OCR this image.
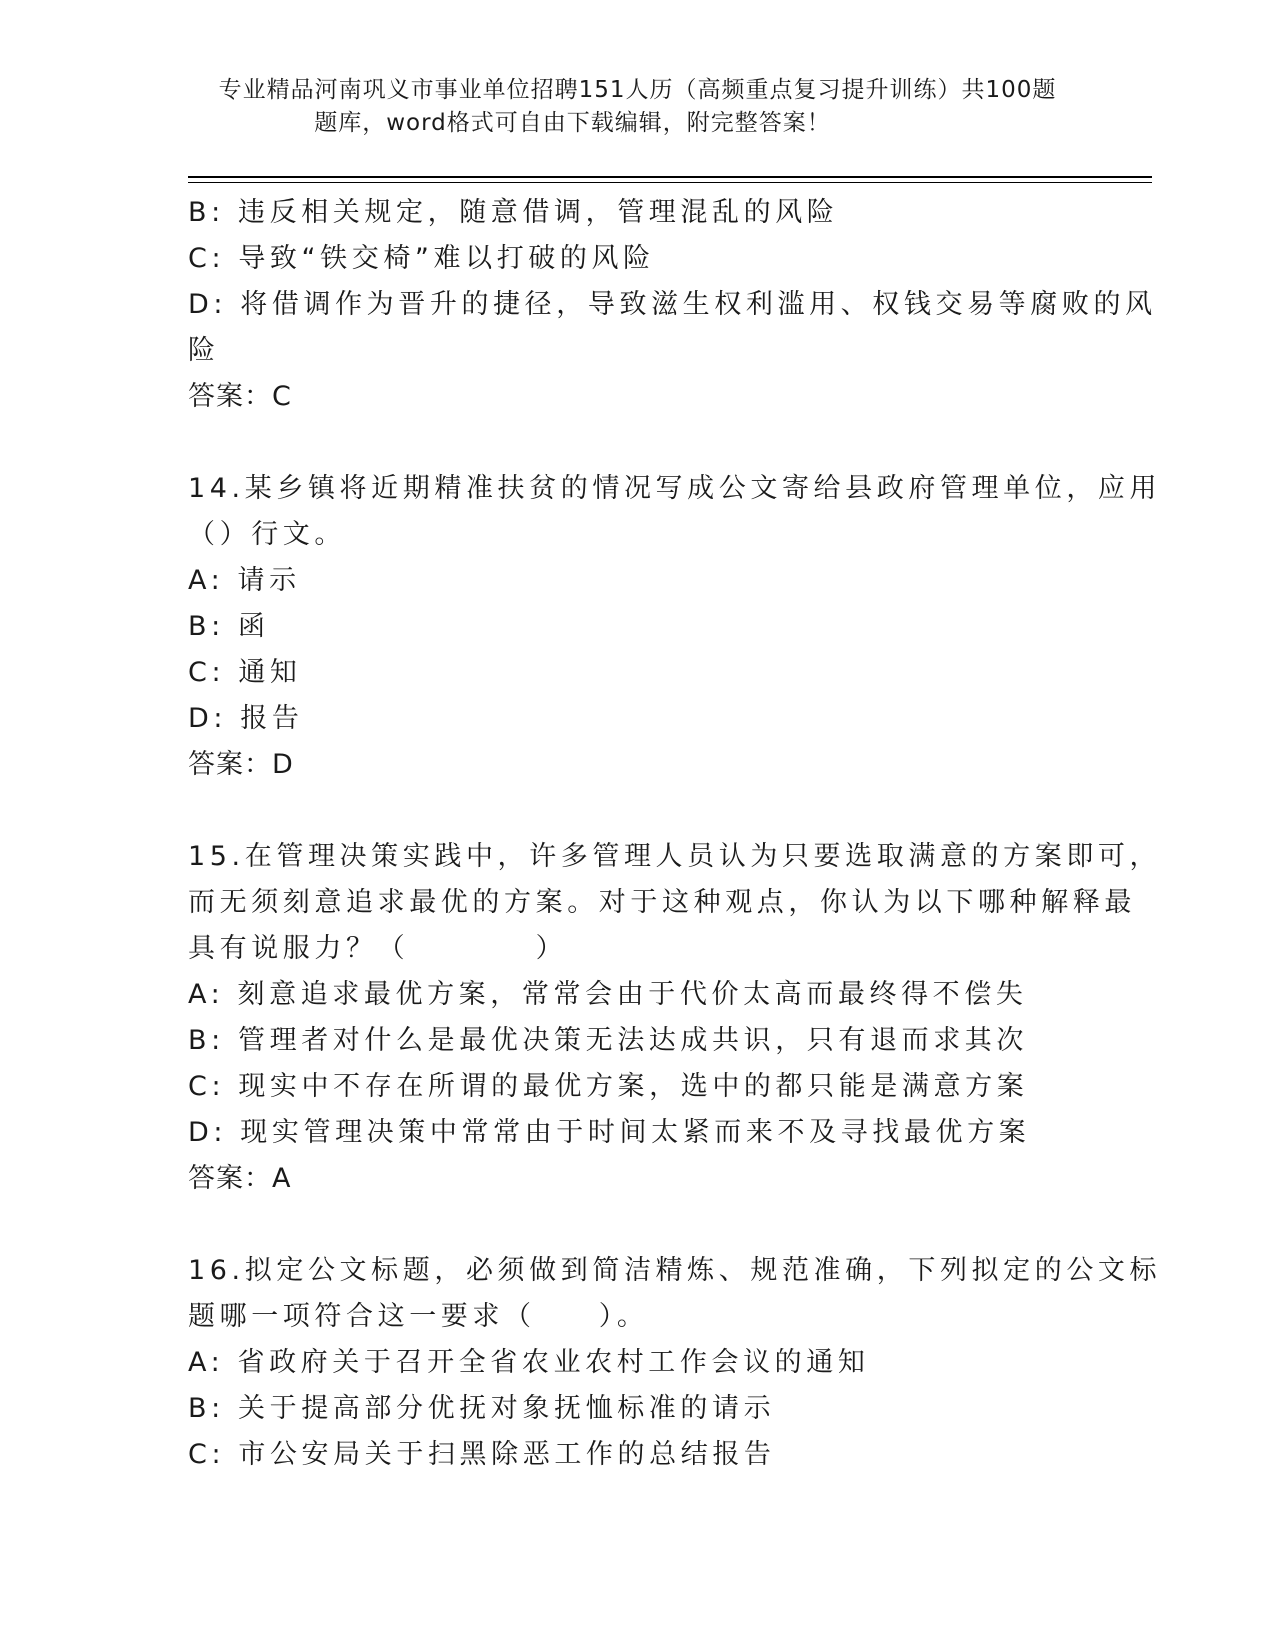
专业精品河南巩义市事业单位招聘151人历（高频重点复习提升训练）共100题
题库，word格式可自由下载编辑，附完整答案！
B: 违反相关规定，随意借调，管理混乱的风险
C: 导致“铁交椅”难以打破的风险
D: 将借调作为晋升的捷径，导致滋生权利滥用、权钱交易等腐败的风
险
答案：C
14.某乡镇将近期精准扶贫的情况写成公文寄给县政府管理单位，应用
（）行文。
A: 请示
B: 函
C: 通知
D: 报告
答案：D
15.在管理决策实践中，许多管理人员认为只要选取满意的方案即可，
而无须刻意追求最优的方案。对于这种观点，你认为以下哪种解释最
具有说服力？（　　　　）
A: 刻意追求最优方案，常常会由于代价太高而最终得不偿失
B: 管理者对什么是最优决策无法达成共识，只有退而求其次
C: 现实中不存在所谓的最优方案，选中的都只能是满意方案
D: 现实管理决策中常常由于时间太紧而来不及寻找最优方案
答案：A
16.拟定公文标题，必须做到简洁精炼、规范准确，下列拟定的公文标
题哪一项符合这一要求（　　）。
A: 省政府关于召开全省农业农村工作会议的通知
B: 关于提高部分优抚对象抚恤标准的请示
C: 市公安局关于扫黑除恶工作的总结报告
